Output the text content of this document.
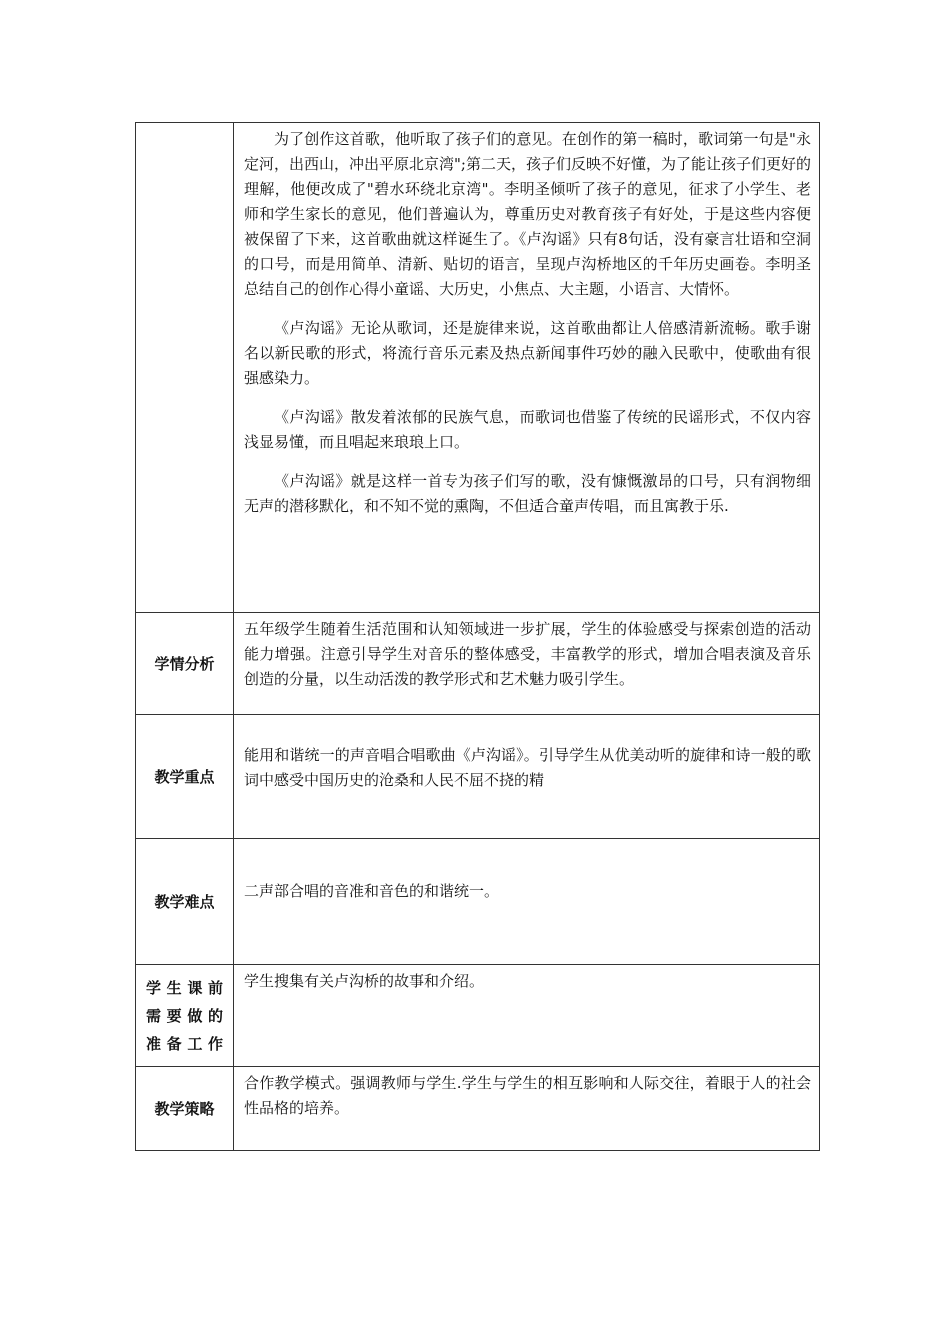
	为了创作这首歌，他听取了孩子们的意见。在创作的第一稿时，歌词第一句是"永定河，出西山，冲出平原北京湾";第二天，孩子们反映不好懂，为了能让孩子们更好的理解，他便改成了"碧水环绕北京湾"。李明圣倾听了孩子的意见，征求了小学生、老师和学生家长的意见，他们普遍认为，尊重历史对教育孩子有好处，于是这些内容便被保留了下来，这首歌曲就这样诞生了。《卢沟谣》只有8句话，没有豪言壮语和空洞的口号，而是用简单、清新、贴切的语言，呈现卢沟桥地区的千年历史画卷。李明圣总结自己的创作心得小童谣、大历史，小焦点、大主题，小语言、大情怀。

《卢沟谣》无论从歌词，还是旋律来说，这首歌曲都让人倍感清新流畅。歌手谢名以新民歌的形式，将流行音乐元素及热点新闻事件巧妙的融入民歌中，使歌曲有很强感染力。

《卢沟谣》散发着浓郁的民族气息，而歌词也借鉴了传统的民谣形式，不仅内容浅显易懂，而且唱起来琅琅上口。

《卢沟谣》就是这样一首专为孩子们写的歌，没有慷慨激昂的口号，只有润物细无声的潜移默化，和不知不觉的熏陶，不但适合童声传唱，而且寓教于乐.

学情分析	五年级学生随着生活范围和认知领域进一步扩展，学生的体验感受与探索创造的活动能力增强。注意引导学生对音乐的整体感受，丰富教学的形式，增加合唱表演及音乐创造的分量，以生动活泼的教学形式和艺术魅力吸引学生。

教学重点	能用和谐统一的声音唱合唱歌曲《卢沟谣》。引导学生从优美动听的旋律和诗一般的歌词中感受中国历史的沧桑和人民不屈不挠的精

教学难点	二声部合唱的音准和音色的和谐统一。

学生课前
需要做的
准备工作	学生搜集有关卢沟桥的故事和介绍。

教学策略	合作教学模式。强调教师与学生.学生与学生的相互影响和人际交往，着眼于人的社会性品格的培养。
